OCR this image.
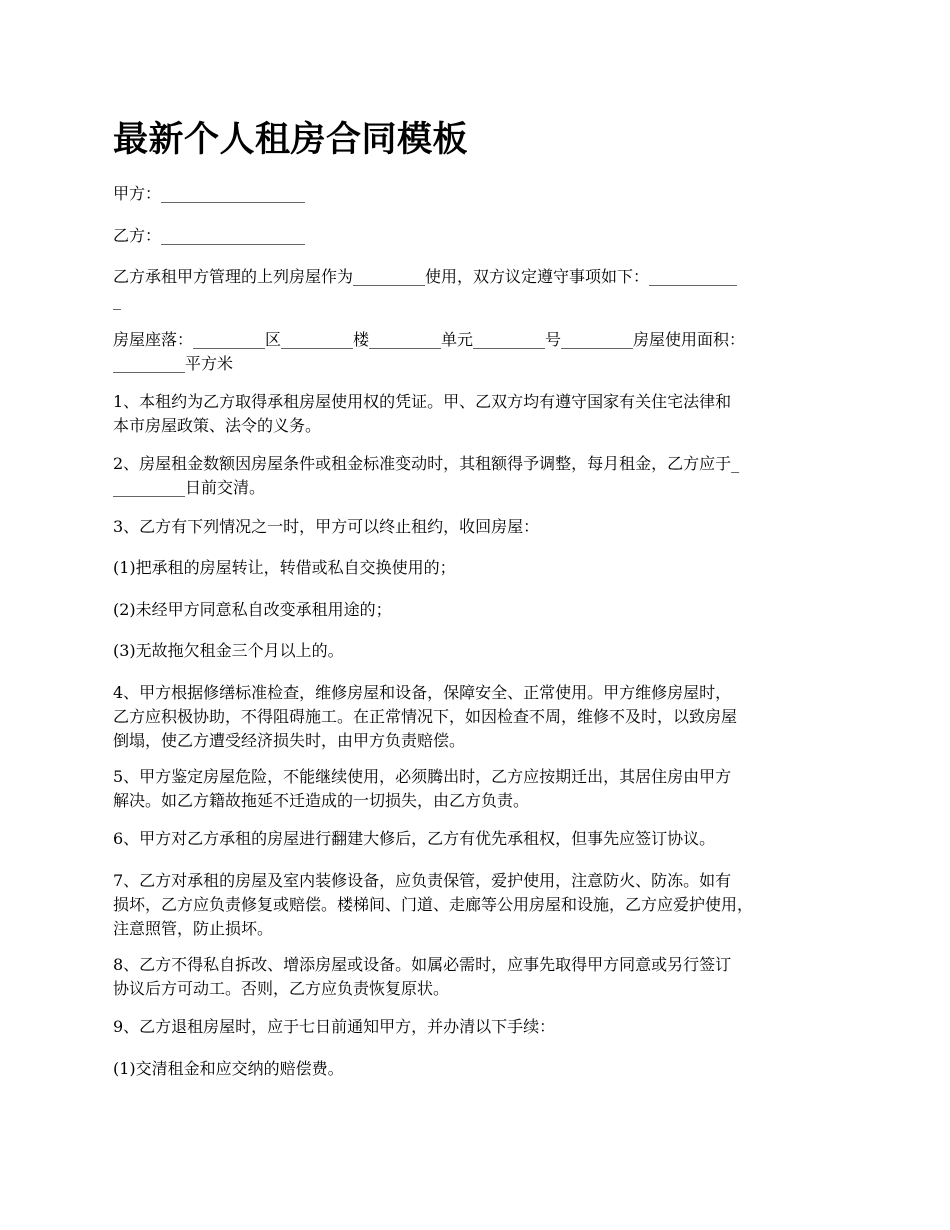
最新个人租房合同模板

甲方：__________________

乙方：__________________

乙方承租甲方管理的上列房屋作为_________使用，双方议定遵守事项如下：___________
_

房屋座落：_________区_________楼_________单元_________号_________房屋使用面积：
_________平方米

1、本租约为乙方取得承租房屋使用权的凭证。甲、乙双方均有遵守国家有关住宅法律和
本市房屋政策、法令的义务。

2、房屋租金数额因房屋条件或租金标准变动时，其租额得予调整，每月租金，乙方应于_
_________日前交清。

3、乙方有下列情况之一时，甲方可以终止租约，收回房屋：

(1)把承租的房屋转让，转借或私自交换使用的；

(2)未经甲方同意私自改变承租用途的；

(3)无故拖欠租金三个月以上的。

4、甲方根据修缮标准检查，维修房屋和设备，保障安全、正常使用。甲方维修房屋时，
乙方应积极协助，不得阻碍施工。在正常情况下，如因检查不周，维修不及时，以致房屋
倒塌，使乙方遭受经济损失时，由甲方负责赔偿。

5、甲方鉴定房屋危险，不能继续使用，必须腾出时，乙方应按期迁出，其居住房由甲方
解决。如乙方籍故拖延不迁造成的一切损失，由乙方负责。

6、甲方对乙方承租的房屋进行翻建大修后，乙方有优先承租权，但事先应签订协议。

7、乙方对承租的房屋及室内装修设备，应负责保管，爱护使用，注意防火、防冻。如有
损坏，乙方应负责修复或赔偿。楼梯间、门道、走廊等公用房屋和设施，乙方应爱护使用，
注意照管，防止损坏。

8、乙方不得私自拆改、增添房屋或设备。如属必需时，应事先取得甲方同意或另行签订
协议后方可动工。否则，乙方应负责恢复原状。

9、乙方退租房屋时，应于七日前通知甲方，并办清以下手续：

(1)交清租金和应交纳的赔偿费。
